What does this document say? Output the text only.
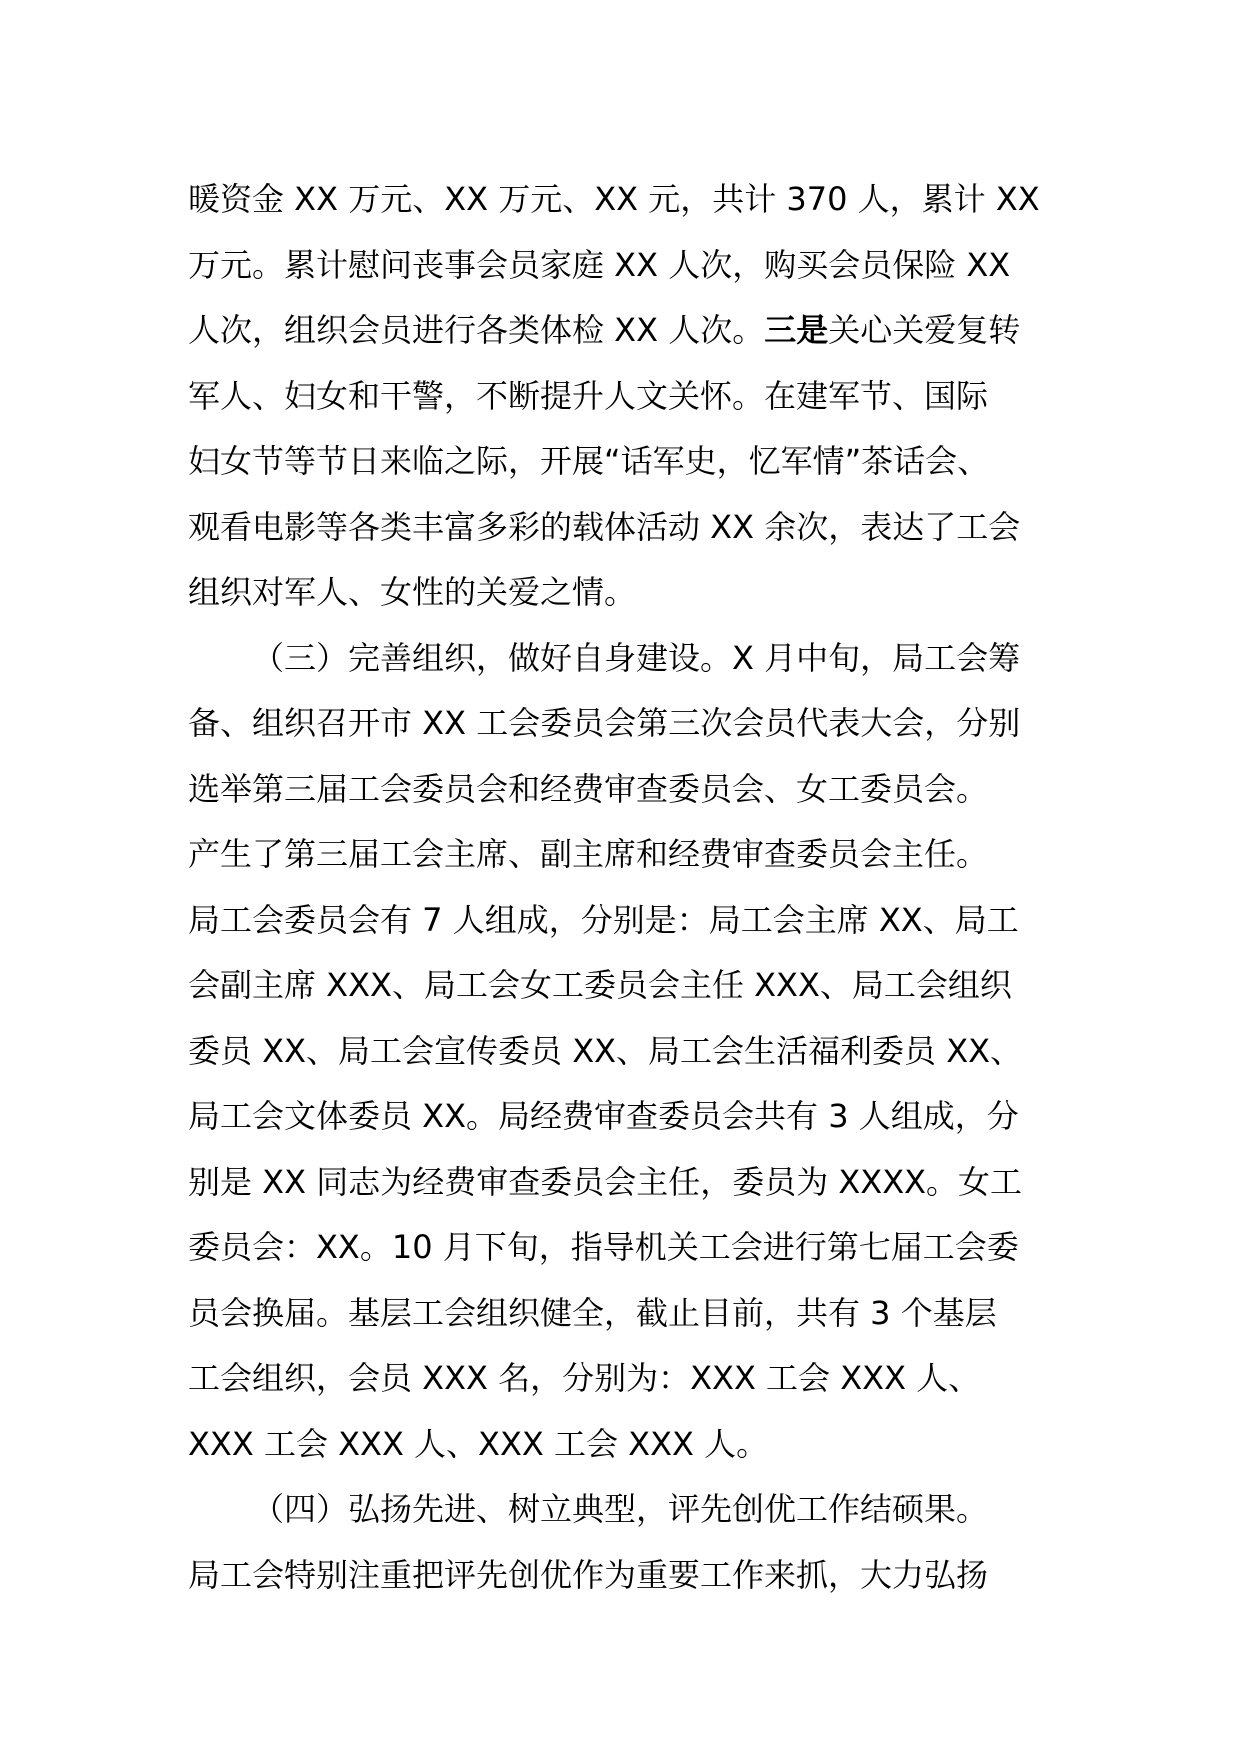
暖资金 XX 万元、XX 万元、XX 元，共计 370 人，累计 XX
万元。累计慰问丧事会员家庭 XX 人次，购买会员保险 XX
人次，组织会员进行各类体检 XX 人次。三是关心关爱复转
军人、妇女和干警，不断提升人文关怀。在建军节、国际
妇女节等节日来临之际，开展“话军史，忆军情”茶话会、
观看电影等各类丰富多彩的载体活动 XX 余次，表达了工会
组织对军人、女性的关爱之情。
（三）完善组织，做好自身建设。X 月中旬，局工会筹
备、组织召开市 XX 工会委员会第三次会员代表大会，分别
选举第三届工会委员会和经费审查委员会、女工委员会。
产生了第三届工会主席、副主席和经费审查委员会主任。
局工会委员会有 7 人组成，分别是：局工会主席 XX、局工
会副主席 XXX、局工会女工委员会主任 XXX、局工会组织
委员 XX、局工会宣传委员 XX、局工会生活福利委员 XX、
局工会文体委员 XX。局经费审查委员会共有 3 人组成，分
别是 XX 同志为经费审查委员会主任，委员为 XXXX。女工
委员会：XX。10 月下旬，指导机关工会进行第七届工会委
员会换届。基层工会组织健全，截止目前，共有 3 个基层
工会组织，会员 XXX 名，分别为：XXX 工会 XXX 人、
XXX 工会 XXX 人、XXX 工会 XXX 人。
（四）弘扬先进、树立典型，评先创优工作结硕果。
局工会特别注重把评先创优作为重要工作来抓，大力弘扬
